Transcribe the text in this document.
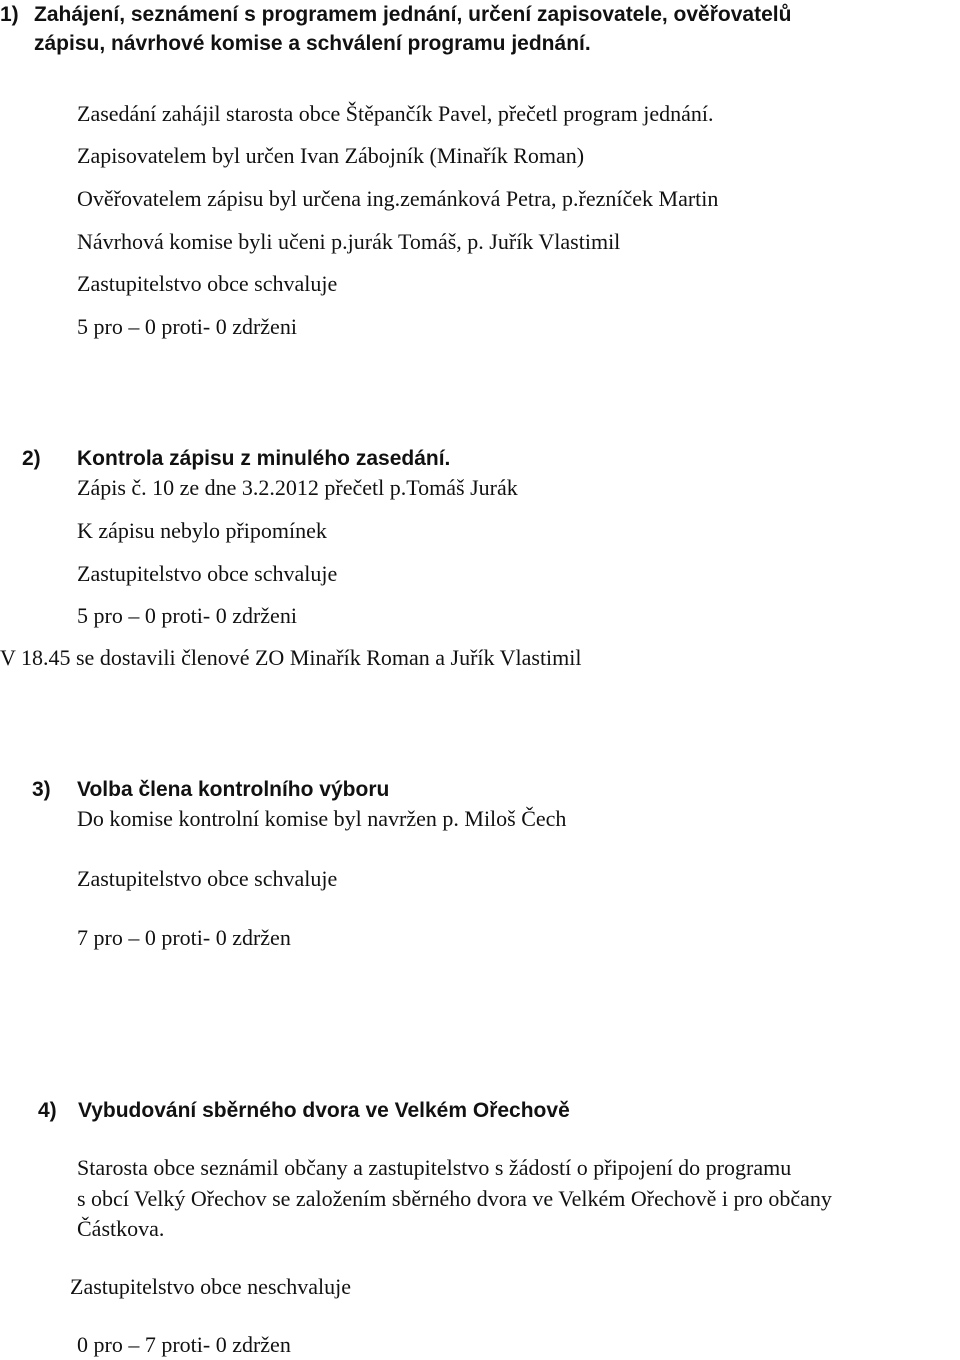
1) Zahájení, seznámení s programem jednání, určení zapisovatele, ověřovatelů
zápisu, návrhové komise a schválení programu jednání.
Zasedání zahájil starosta obce Štěpančík Pavel, přečetl program jednání.
Zapisovatelem byl určen Ivan Zábojník (Minařík Roman)
Ověřovatelem zápisu byl určena ing.zemánková Petra, p.řezníček Martin
Návrhová komise byli učeni p.jurák Tomáš, p. Juřík Vlastimil
Zastupitelstvo obce schvaluje
5 pro – 0 proti- 0 zdrženi
2) Kontrola zápisu z minulého zasedání.
Zápis č. 10 ze dne 3.2.2012 přečetl p.Tomáš Jurák
K zápisu nebylo připomínek
Zastupitelstvo obce schvaluje
5 pro – 0 proti- 0 zdrženi
V 18.45 se dostavili členové ZO Minařík Roman a Juřík Vlastimil
3) Volba člena kontrolního výboru
Do komise kontrolní komise byl navržen p. Miloš Čech
Zastupitelstvo obce schvaluje
7 pro – 0 proti- 0 zdržen
4) Vybudování sběrného dvora ve Velkém Ořechově
Starosta obce seznámil občany a zastupitelstvo s žádostí o připojení do programu
s obcí Velký Ořechov se založením sběrného dvora ve Velkém Ořechově i pro občany
Částkova.
Zastupitelstvo obce neschvaluje
0 pro – 7 proti- 0 zdržen
